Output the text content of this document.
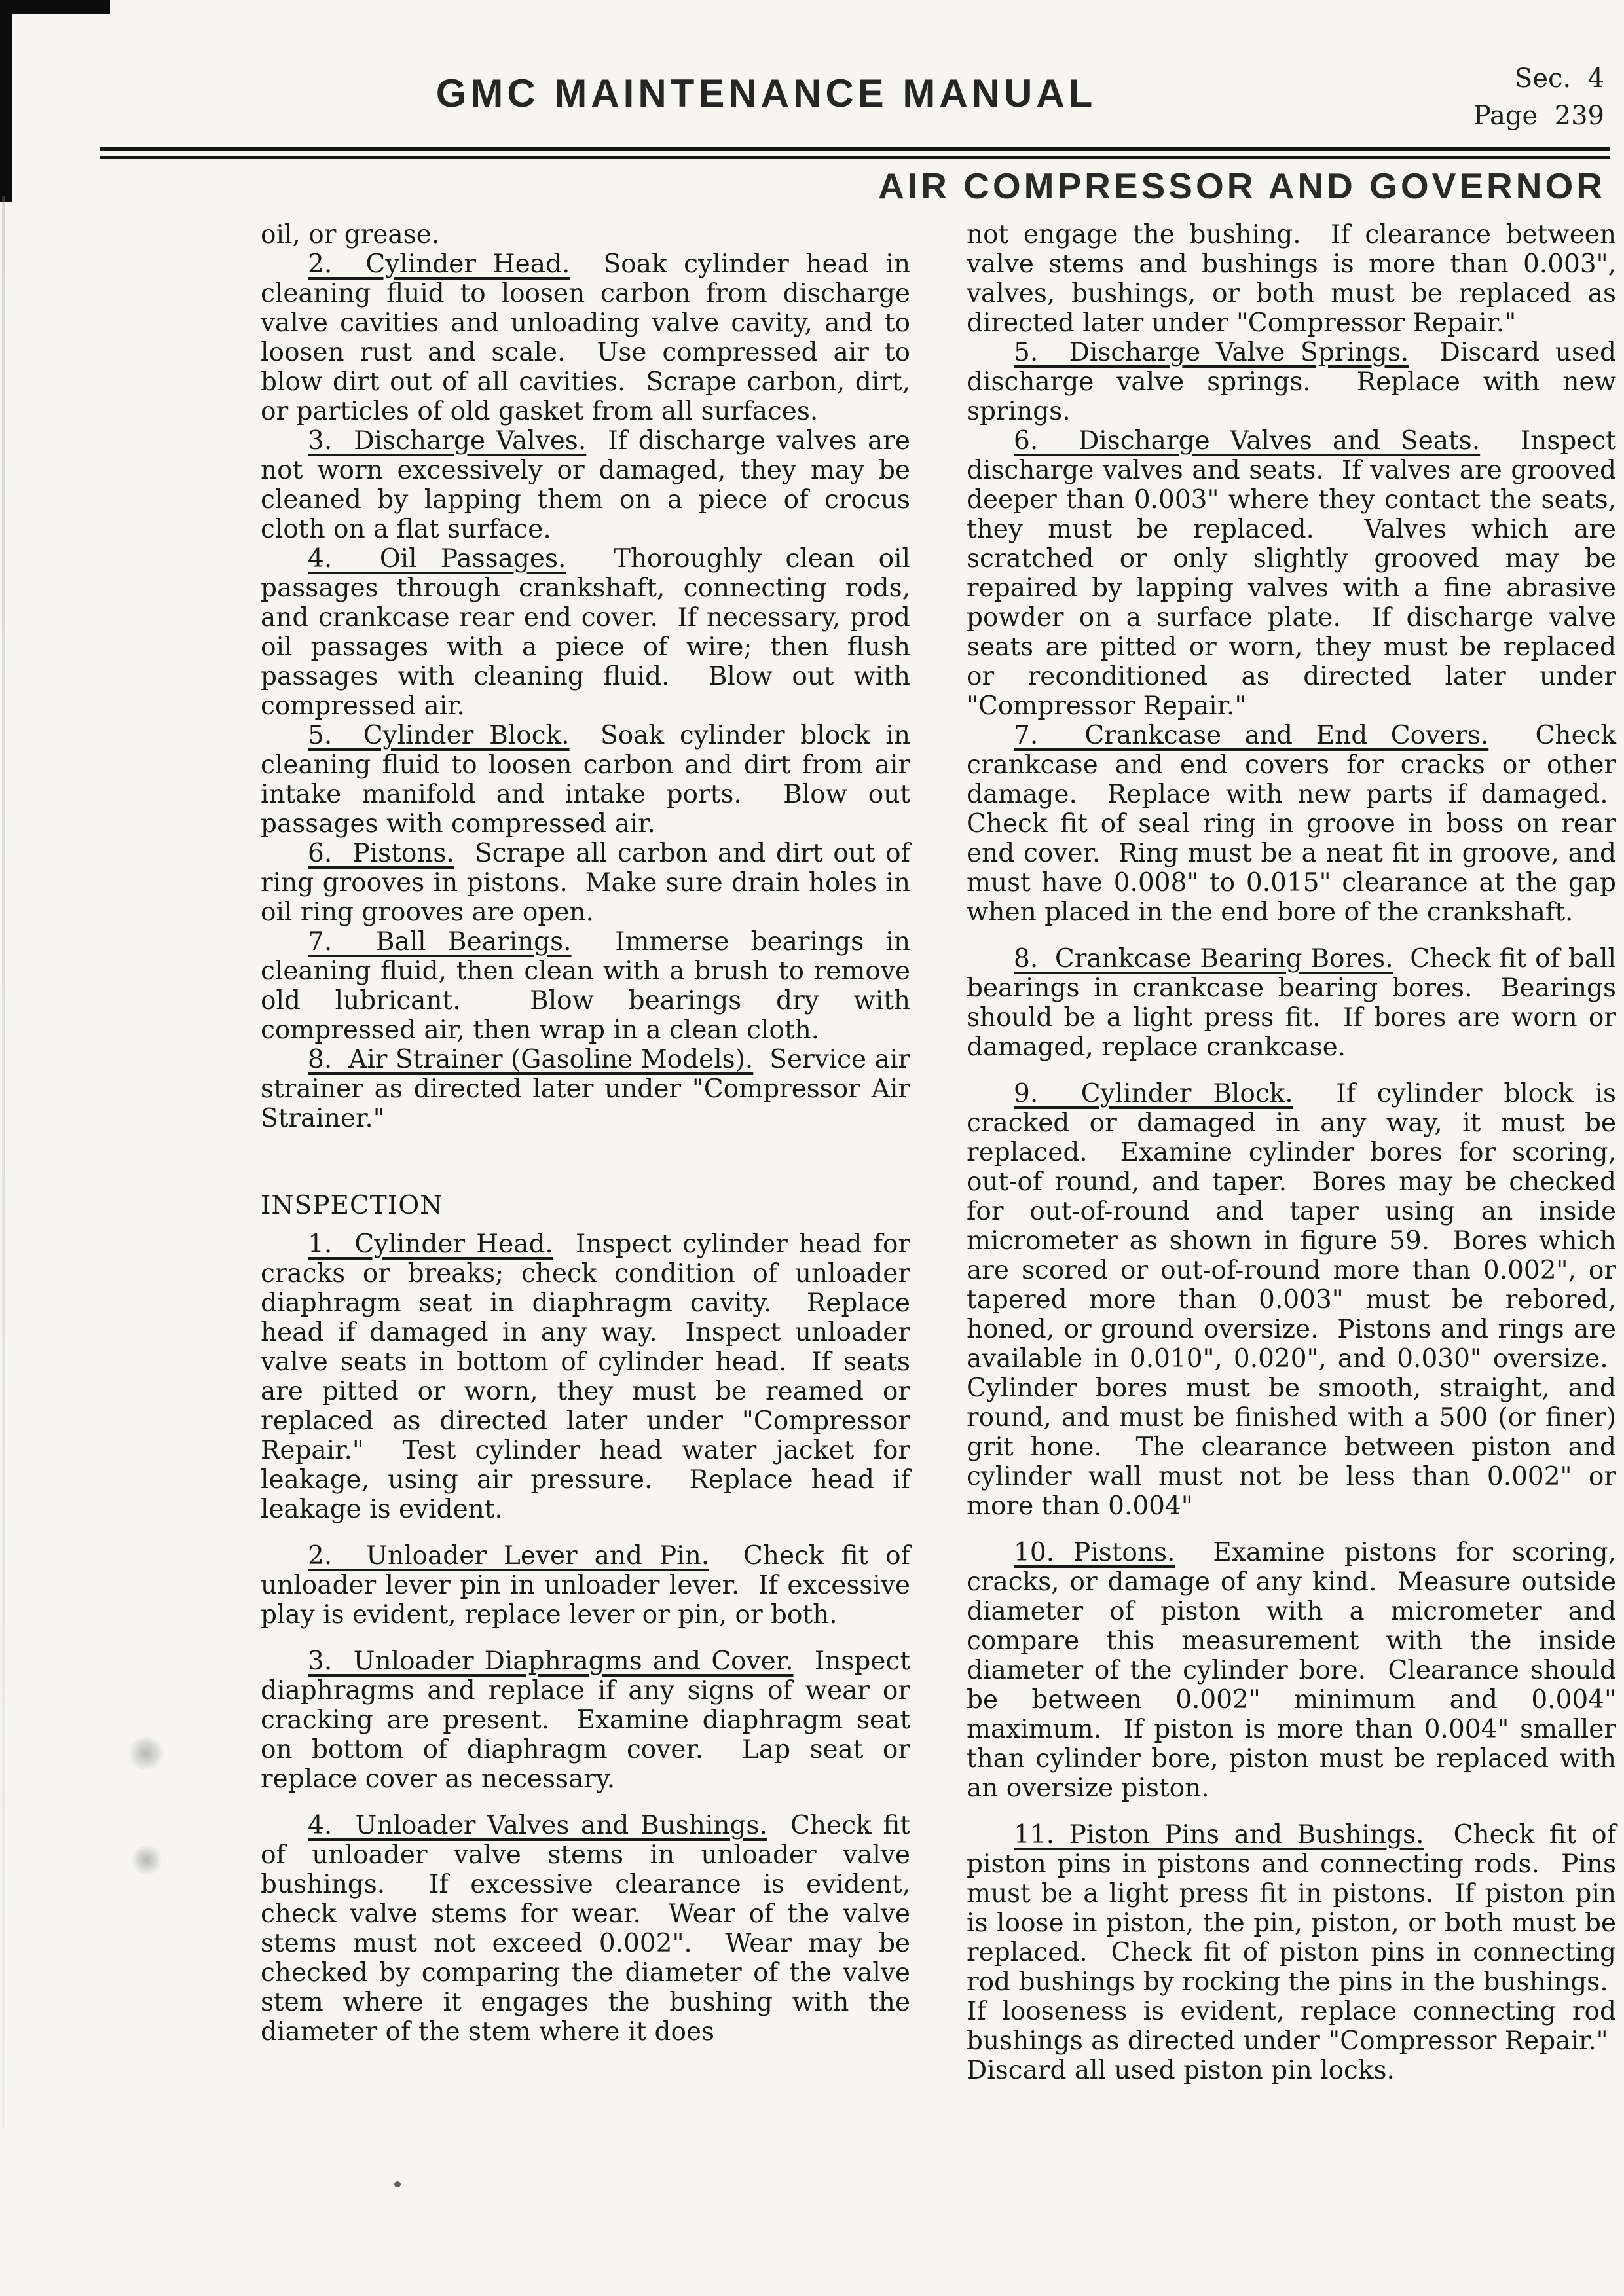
GMC MAINTENANCE MANUAL	Sec.  4
Page  239
AIR COMPRESSOR AND GOVERNOR
oil, or grease.
2.  Cylinder Head.  Soak cylinder head in cleaning fluid to loosen carbon from discharge valve cavities and unloading valve cavity, and to loosen rust and scale.  Use compressed air to blow dirt out of all cavities.  Scrape carbon, dirt, or particles of old gasket from all surfaces.
3.  Discharge Valves.  If discharge valves are not worn excessively or damaged, they may be cleaned by lapping them on a piece of crocus cloth on a flat surface.
4.  Oil Passages.  Thoroughly clean oil passages through crankshaft, connecting rods, and crankcase rear end cover.  If necessary, prod oil passages with a piece of wire; then flush passages with cleaning fluid.  Blow out with compressed air.
5.  Cylinder Block.  Soak cylinder block in cleaning fluid to loosen carbon and dirt from air intake manifold and intake ports.  Blow out passages with compressed air.
6.  Pistons.  Scrape all carbon and dirt out of ring grooves in pistons.  Make sure drain holes in oil ring grooves are open.
7.  Ball Bearings.  Immerse bearings in cleaning fluid, then clean with a brush to remove old lubricant.  Blow bearings dry with compressed air, then wrap in a clean cloth.
8.  Air Strainer (Gasoline Models).  Service air strainer as directed later under "Compressor Air Strainer."
INSPECTION
1.  Cylinder Head.  Inspect cylinder head for cracks or breaks; check condition of unloader diaphragm seat in diaphragm cavity.  Replace head if damaged in any way.  Inspect unloader valve seats in bottom of cylinder head.  If seats are pitted or worn, they must be reamed or replaced as directed later under "Compressor Repair."  Test cylinder head water jacket for leakage, using air pressure.  Replace head if leakage is evident.
2.  Unloader Lever and Pin.  Check fit of unloader lever pin in unloader lever.  If excessive play is evident, replace lever or pin, or both.
3.  Unloader Diaphragms and Cover.  Inspect diaphragms and replace if any signs of wear or cracking are present.  Examine diaphragm seat on bottom of diaphragm cover.  Lap seat or replace cover as necessary.
4.  Unloader Valves and Bushings.  Check fit of unloader valve stems in unloader valve bushings.  If excessive clearance is evident, check valve stems for wear.  Wear of the valve stems must not exceed 0.002".  Wear may be checked by comparing the diameter of the valve stem where it engages the bushing with the diameter of the stem where it does
not engage the bushing.  If clearance between valve stems and bushings is more than 0.003", valves, bushings, or both must be replaced as directed later under "Compressor Repair."
5.  Discharge Valve Springs.  Discard used discharge valve springs.  Replace with new springs.
6.  Discharge Valves and Seats.  Inspect discharge valves and seats.  If valves are grooved deeper than 0.003" where they contact the seats, they must be replaced.  Valves which are scratched or only slightly grooved may be repaired by lapping valves with a fine abrasive powder on a surface plate.  If discharge valve seats are pitted or worn, they must be replaced or reconditioned as directed later under "Compressor Repair."
7.  Crankcase and End Covers.  Check crankcase and end covers for cracks or other damage.  Replace with new parts if damaged.  Check fit of seal ring in groove in boss on rear end cover.  Ring must be a neat fit in groove, and must have 0.008" to 0.015" clearance at the gap when placed in the end bore of the crankshaft.
8.  Crankcase Bearing Bores.  Check fit of ball bearings in crankcase bearing bores.  Bearings should be a light press fit.  If bores are worn or damaged, replace crankcase.
9.  Cylinder Block.  If cylinder block is cracked or damaged in any way, it must be replaced.  Examine cylinder bores for scoring, out-of round, and taper.  Bores may be checked for out-of-round and taper using an inside micrometer as shown in figure 59.  Bores which are scored or out-of-round more than 0.002", or tapered more than 0.003" must be rebored, honed, or ground oversize.  Pistons and rings are available in 0.010", 0.020", and 0.030" oversize.  Cylinder bores must be smooth, straight, and round, and must be finished with a 500 (or finer) grit hone.  The clearance between piston and cylinder wall must not be less than 0.002" or more than 0.004"
10. Pistons.  Examine pistons for scoring, cracks, or damage of any kind.  Measure outside diameter of piston with a micrometer and compare this measurement with the inside diameter of the cylinder bore.  Clearance should be between 0.002" minimum and 0.004" maximum.  If piston is more than 0.004" smaller than cylinder bore, piston must be replaced with an oversize piston.
11. Piston Pins and Bushings.  Check fit of piston pins in pistons and connecting rods.  Pins must be a light press fit in pistons.  If piston pin is loose in piston, the pin, piston, or both must be replaced.  Check fit of piston pins in connecting rod bushings by rocking the pins in the bushings.  If looseness is evident, replace connecting rod bushings as directed under "Compressor Repair."  Discard all used piston pin locks.
